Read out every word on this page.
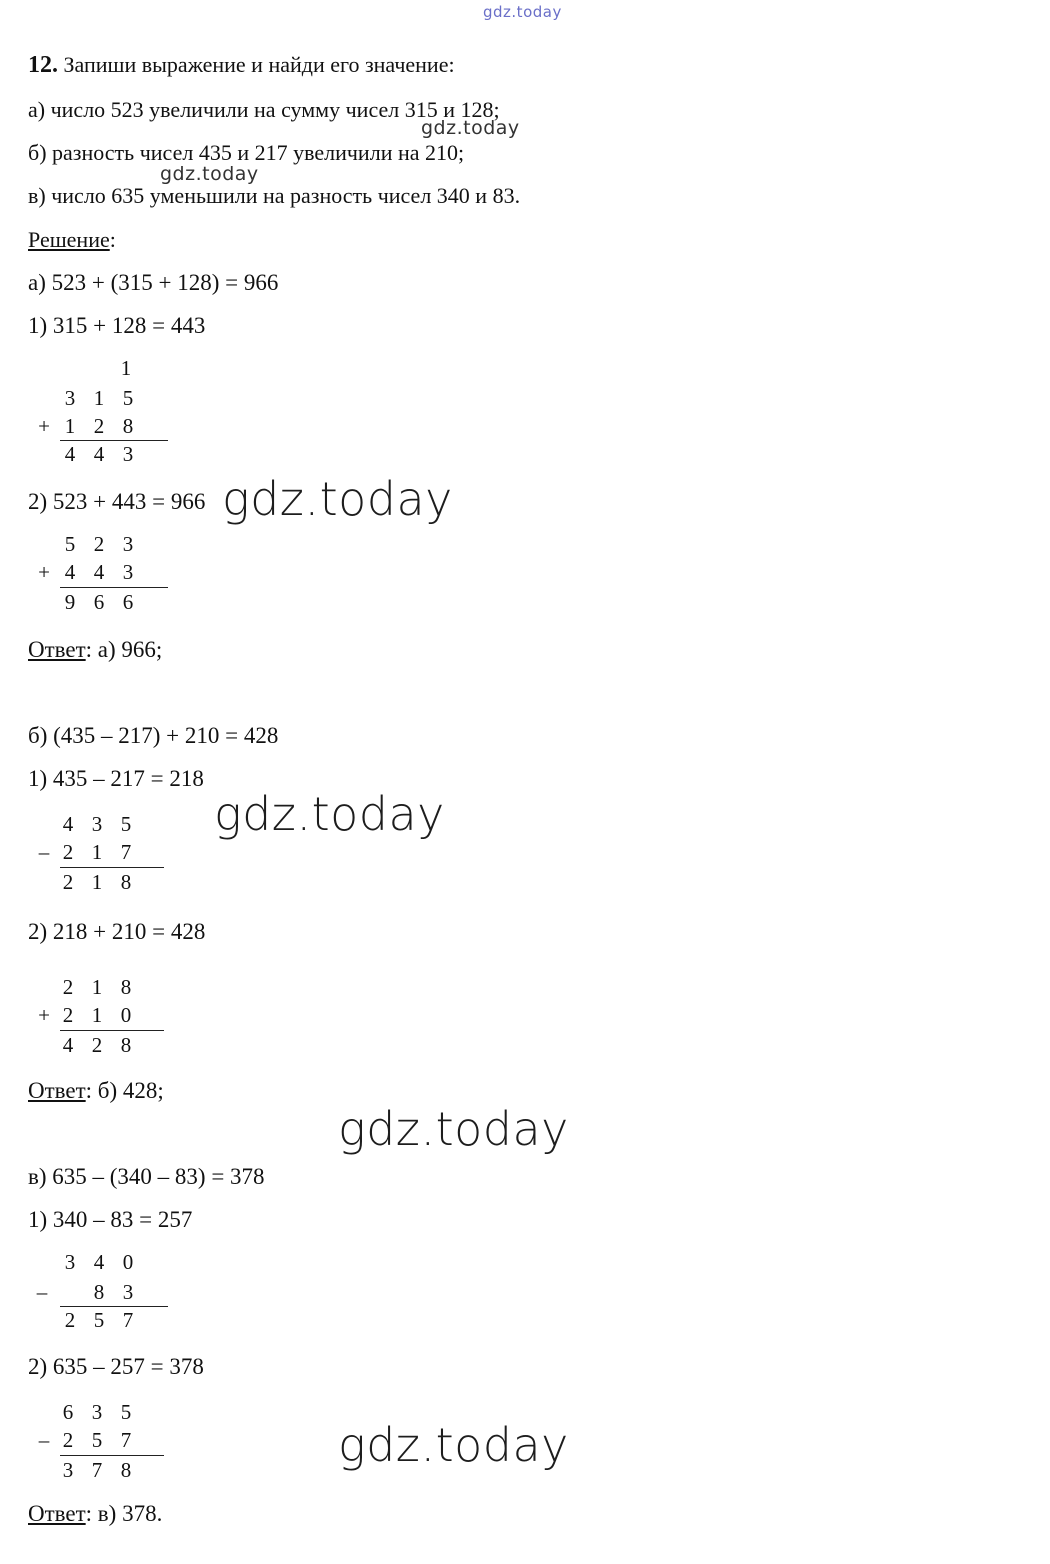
gdz.today
gdz.today
gdz.today
gdz.today
gdz.today
gdz.today
gdz.today
12. Запиши выражение и найди его значение:
а) число 523 увеличили на сумму чисел 315 и 128;
б) разность чисел 435 и 217 увеличили на 210;
в) число 635 уменьшили на разность чисел 340 и 83.
Решение:
а) 523 + (315 + 128) = 966
1) 315 + 128 = 443
1
3 1 5
+ 1 2 8
4 4 3
2) 523 + 443 = 966
5 2 3
+ 4 4 3
9 6 6
Ответ: а) 966;
б) (435 – 217) + 210 = 428
1) 435 – 217 = 218
4 3 5
– 2 1 7
2 1 8
2) 218 + 210 = 428
2 1 8
+ 2 1 0
4 2 8
Ответ: б) 428;
в) 635 – (340 – 83) = 378
1) 340 – 83 = 257
3 4 0
– 8 3
2 5 7
2) 635 – 257 = 378
6 3 5
– 2 5 7
3 7 8
Ответ: в) 378.
